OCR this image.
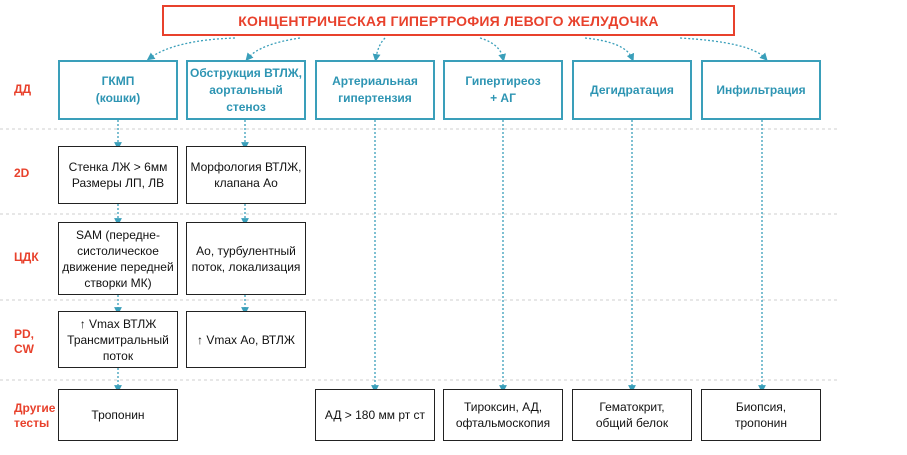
КОНЦЕНТРИЧЕСКАЯ ГИПЕРТРОФИЯ ЛЕВОГО ЖЕЛУДОЧКА
ДД
2D
ЦДК
PD,
CW
Другие
тесты
ГКМП
(кошки)
Обструкция ВТЛЖ,
аортальный стеноз
Артериальная
гипертензия
Гипертиреоз
+ АГ
Дегидратация	Инфильтрация
Стенка ЛЖ > 6мм
Размеры ЛП, ЛВ
Морфология ВТЛЖ,
клапана Ао
SAM (передне-
систолическое
движение передней
створки МК)
Ао, турбулентный
поток, локализация
↑ Vmax ВТЛЖ
Трансмитральный
поток
↑ Vmax Ао, ВТЛЖ
Тропонин	АД > 180 мм рт ст
Тироксин, АД,
офтальмоскопия
Гематокрит,
общий белок
Биопсия,
тропонин
